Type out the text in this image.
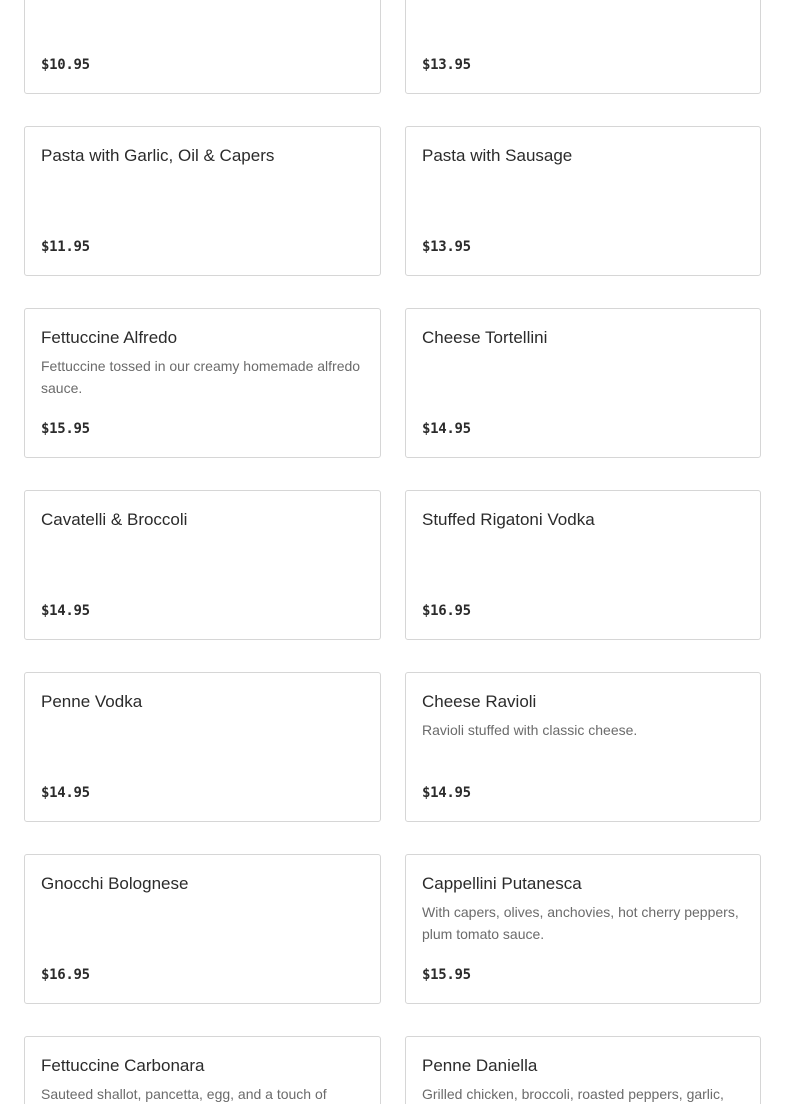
$10.95	$13.95
Pasta with Garlic, Oil & Capers
$11.95
Pasta with Sausage
$13.95
Fettuccine Alfredo
Fettuccine tossed in our creamy homemade alfredo sauce.
$15.95
Cheese Tortellini
$14.95
Cavatelli & Broccoli
$14.95
Stuffed Rigatoni Vodka
$16.95
Penne Vodka
$14.95
Cheese Ravioli
Ravioli stuffed with classic cheese.
$14.95
Gnocchi Bolognese
$16.95
Cappellini Putanesca
With capers, olives, anchovies, hot cherry peppers, plum tomato sauce.
$15.95
Fettuccine Carbonara
Sauteed shallot, pancetta, egg, and a touch of
Penne Daniella
Grilled chicken, broccoli, roasted peppers, garlic,
